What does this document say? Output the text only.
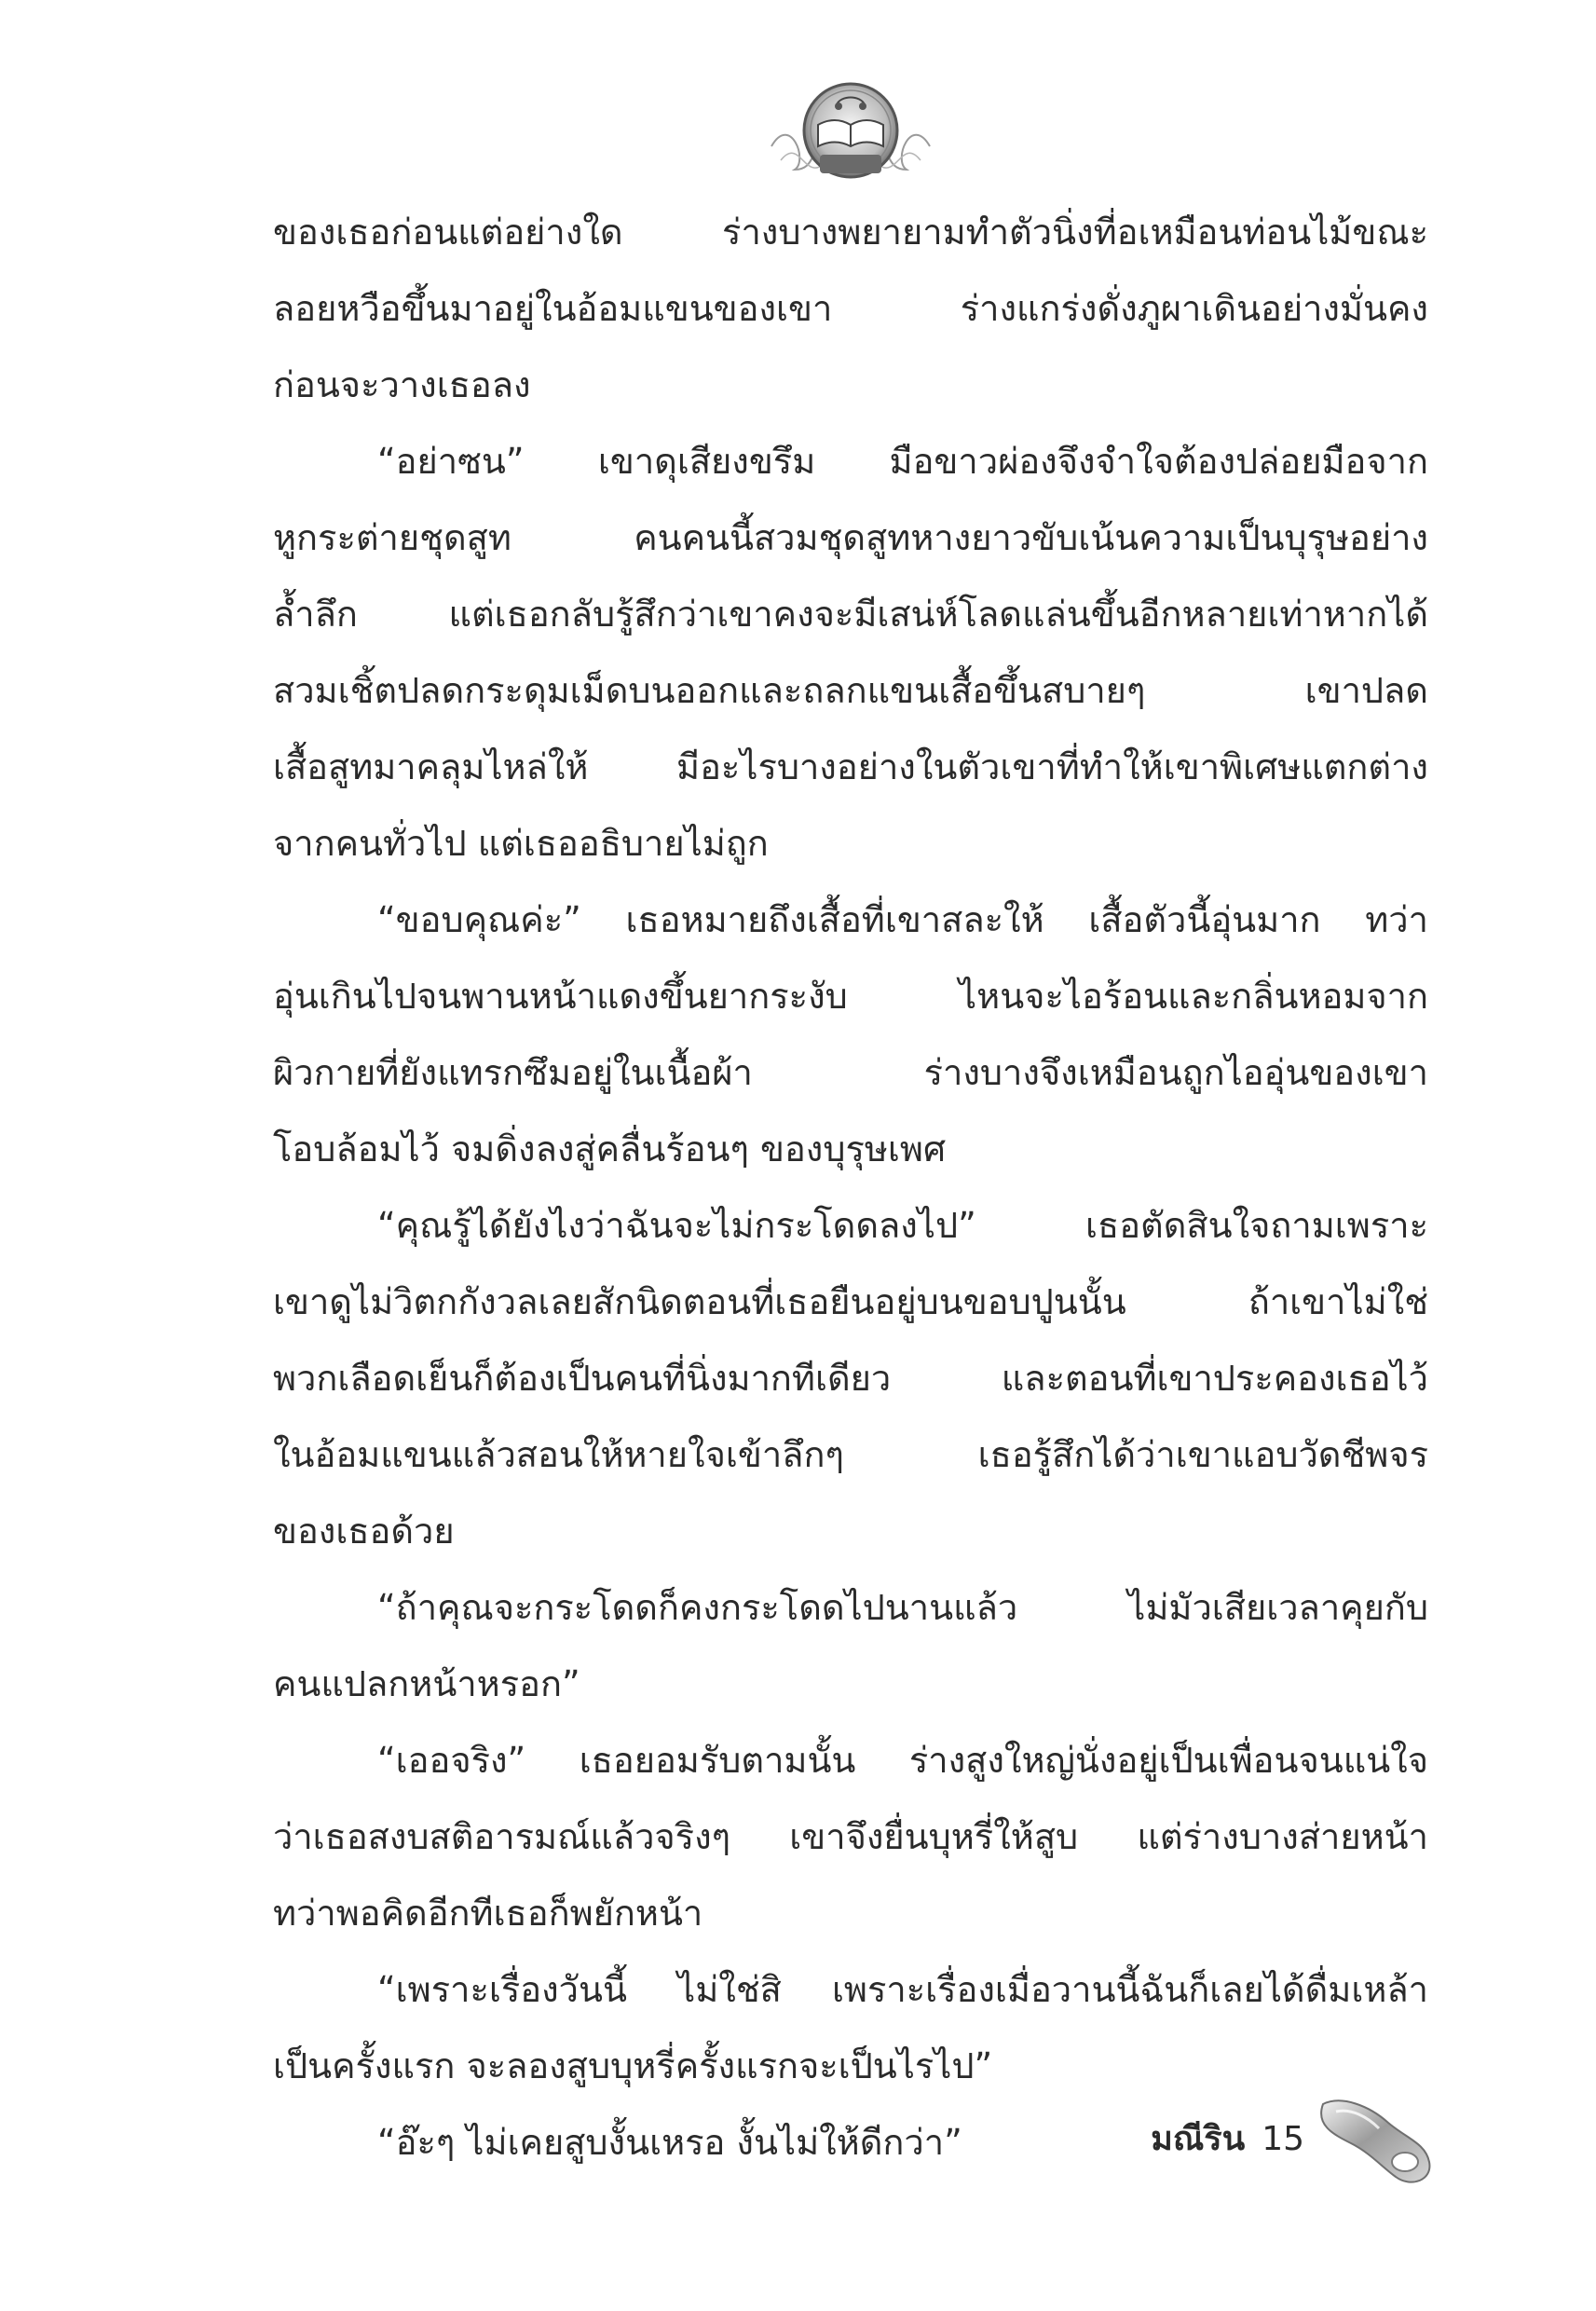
ของเธอก่อนแต่อย่างใด ร่างบางพยายามทำตัวนิ่งที่อเหมือนท่อนไม้ขณะ
ลอยหวือขึ้นมาอยู่ในอ้อมแขนของเขา ร่างแกร่งดั่งภูผาเดินอย่างมั่นคง
ก่อนจะวางเธอลง
“อย่าซน” เขาดุเสียงขรึม มือขาวผ่องจึงจำใจต้องปล่อยมือจาก
หูกระต่ายชุดสูท คนคนนี้สวมชุดสูทหางยาวขับเน้นความเป็นบุรุษอย่าง
ล้ำลึก แต่เธอกลับรู้สึกว่าเขาคงจะมีเสน่ห์โลดแล่นขึ้นอีกหลายเท่าหากได้
สวมเชิ้ตปลดกระดุมเม็ดบนออกและถลกแขนเสื้อขึ้นสบายๆ เขาปลด
เสื้อสูทมาคลุมไหล่ให้ มีอะไรบางอย่างในตัวเขาที่ทำให้เขาพิเศษแตกต่าง
จากคนทั่วไป แต่เธออธิบายไม่ถูก
“ขอบคุณค่ะ” เธอหมายถึงเสื้อที่เขาสละให้ เสื้อตัวนี้อุ่นมาก ทว่า
อุ่นเกินไปจนพานหน้าแดงขึ้นยากระงับ ไหนจะไอร้อนและกลิ่นหอมจาก
ผิวกายที่ยังแทรกซึมอยู่ในเนื้อผ้า ร่างบางจึงเหมือนถูกไออุ่นของเขา
โอบล้อมไว้ จมดิ่งลงสู่คลื่นร้อนๆ ของบุรุษเพศ
“คุณรู้ได้ยังไงว่าฉันจะไม่กระโดดลงไป” เธอตัดสินใจถามเพราะ
เขาดูไม่วิตกกังวลเลยสักนิดตอนที่เธอยืนอยู่บนขอบปูนนั้น ถ้าเขาไม่ใช่
พวกเลือดเย็นก็ต้องเป็นคนที่นิ่งมากทีเดียว และตอนที่เขาประคองเธอไว้
ในอ้อมแขนแล้วสอนให้หายใจเข้าลึกๆ เธอรู้สึกได้ว่าเขาแอบวัดชีพจร
ของเธอด้วย
“ถ้าคุณจะกระโดดก็คงกระโดดไปนานแล้ว ไม่มัวเสียเวลาคุยกับ
คนแปลกหน้าหรอก”
“เออจริง” เธอยอมรับตามนั้น ร่างสูงใหญ่นั่งอยู่เป็นเพื่อนจนแน่ใจ
ว่าเธอสงบสติอารมณ์แล้วจริงๆ เขาจึงยื่นบุหรี่ให้สูบ แต่ร่างบางส่ายหน้า
ทว่าพอคิดอีกทีเธอก็พยักหน้า
“เพราะเรื่องวันนี้ ไม่ใช่สิ เพราะเรื่องเมื่อวานนี้ฉันก็เลยได้ดื่มเหล้า
เป็นครั้งแรก จะลองสูบบุหรี่ครั้งแรกจะเป็นไรไป”
“อ๊ะๆ ไม่เคยสูบงั้นเหรอ งั้นไม่ให้ดีกว่า”	มณีริน 15
